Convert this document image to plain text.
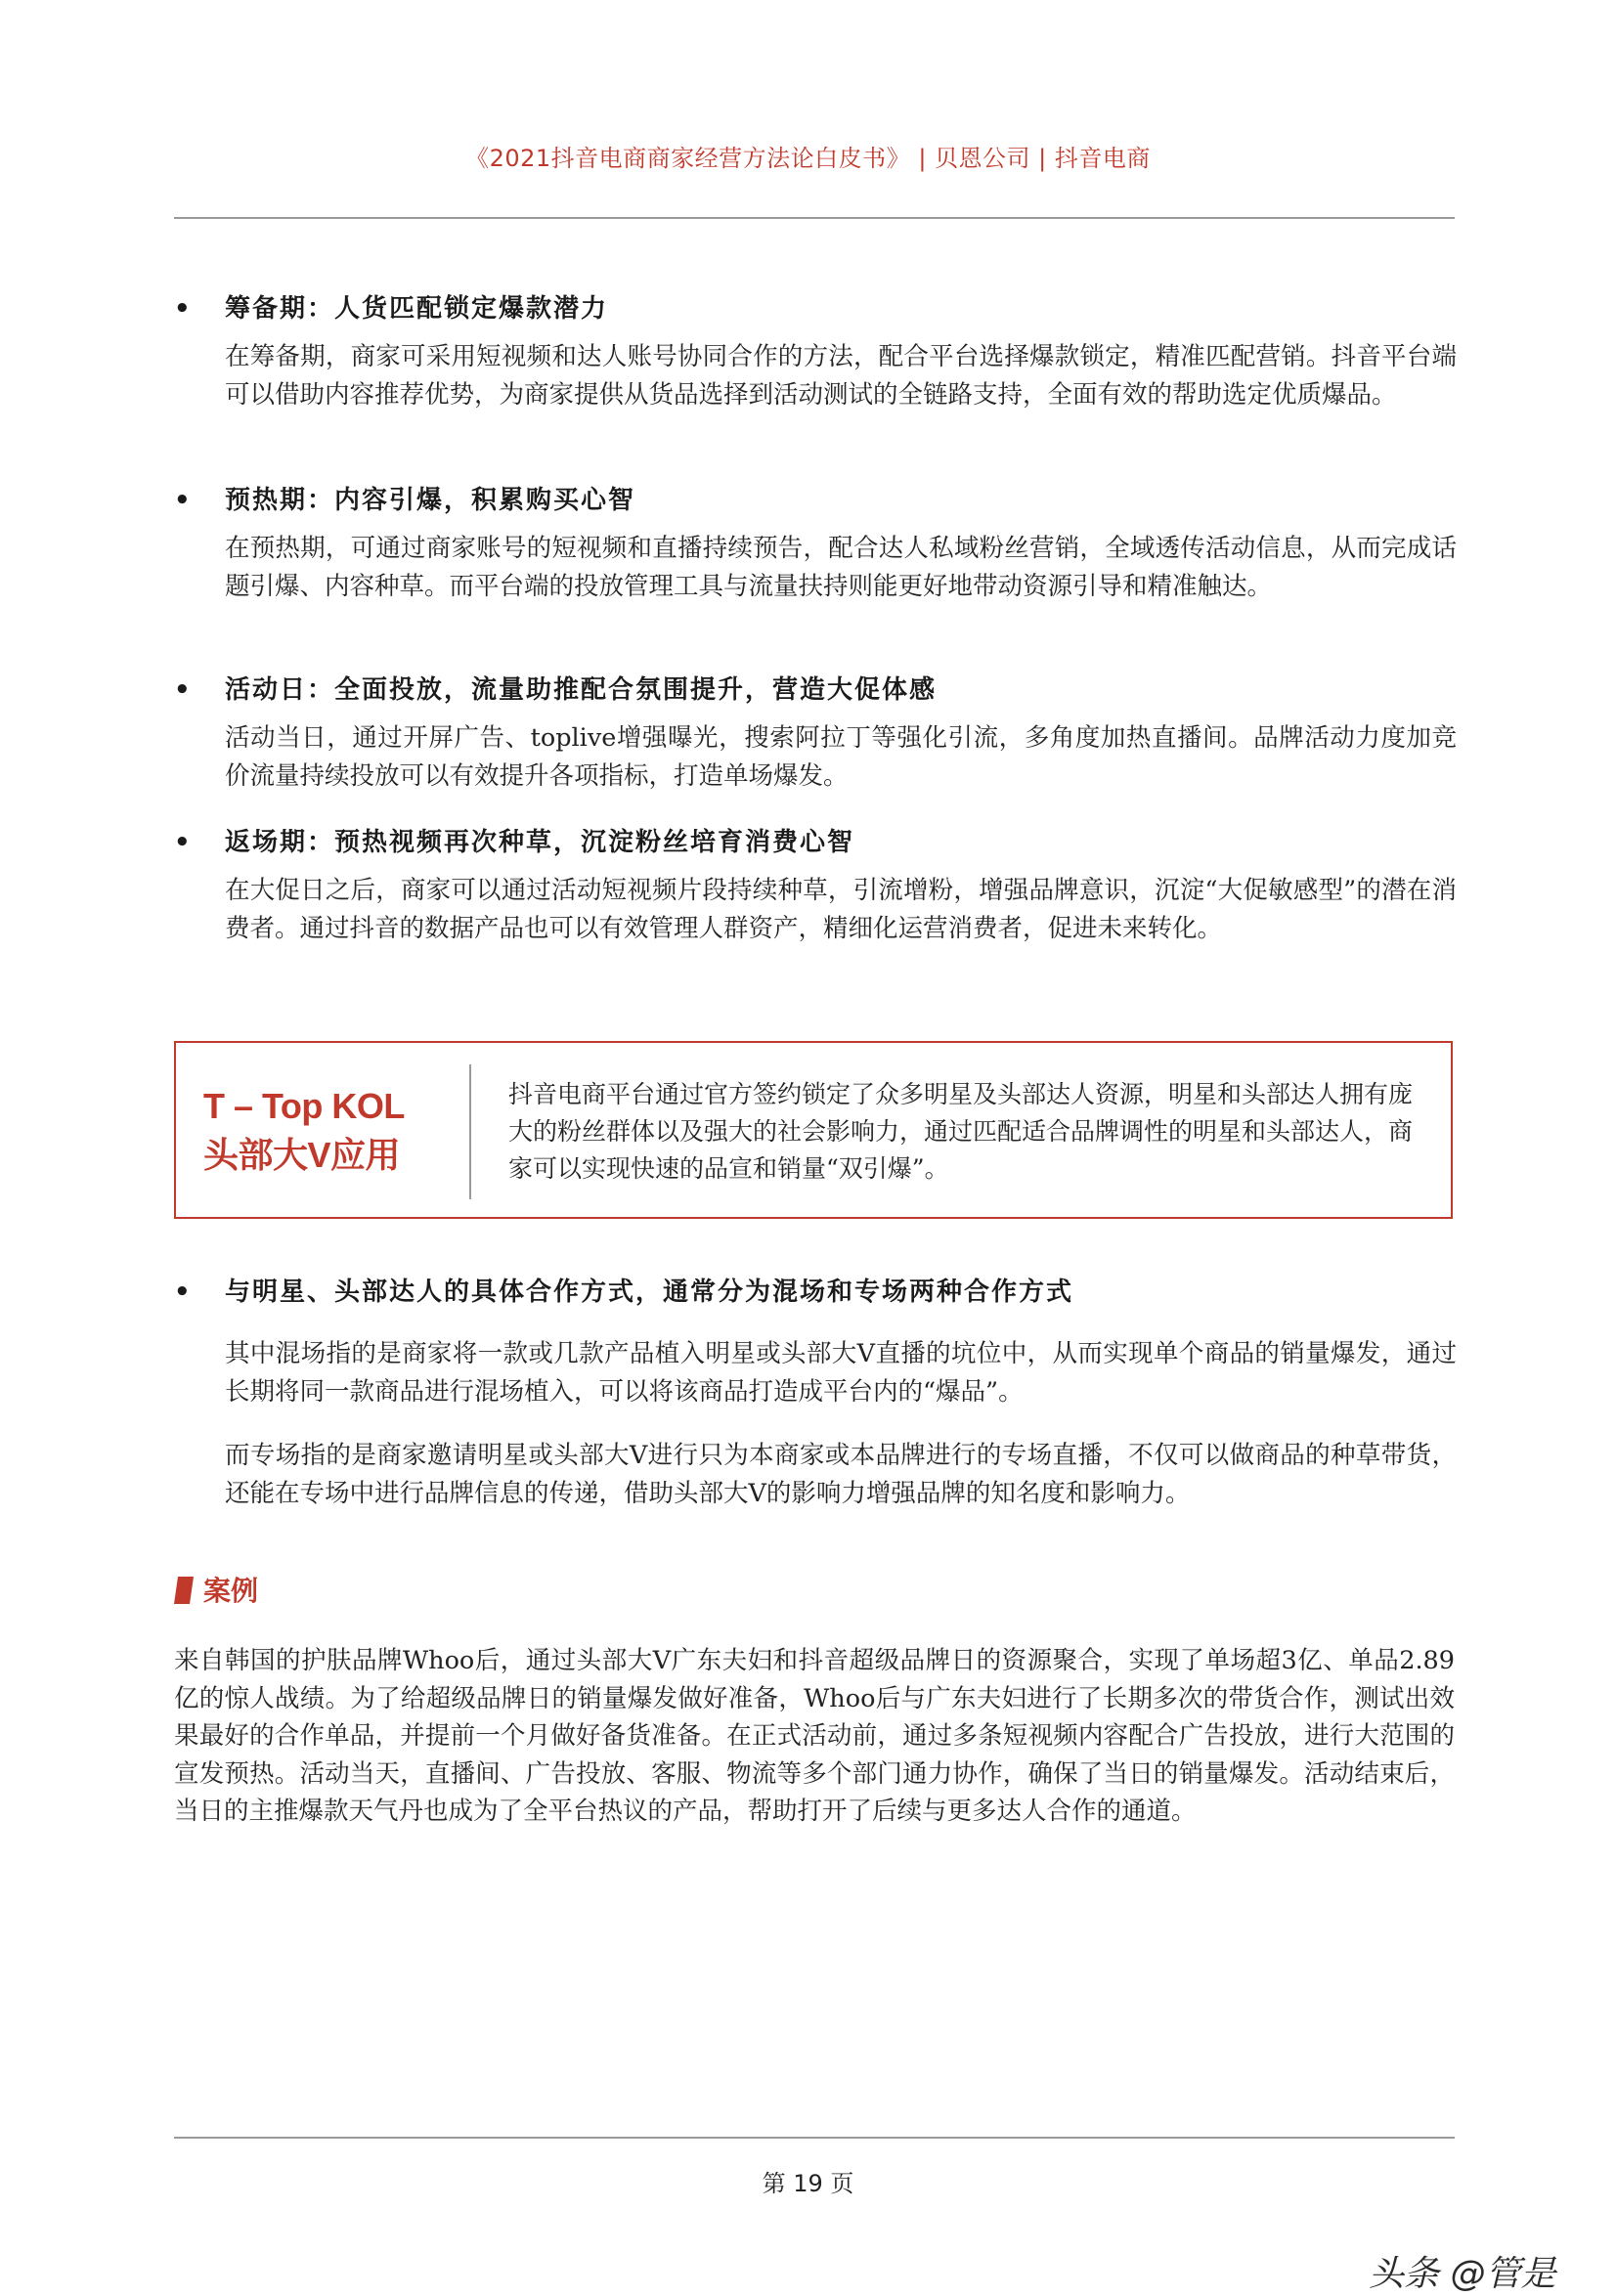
《2021抖音电商商家经营方法论白皮书》 | 贝恩公司 | 抖音电商
• 筹备期：人货匹配锁定爆款潜力
在筹备期，商家可采用短视频和达人账号协同合作的方法，配合平台选择爆款锁定，精准匹配营销。抖音平台端可以借助内容推荐优势，为商家提供从货品选择到活动测试的全链路支持，全面有效的帮助选定优质爆品。
• 预热期：内容引爆，积累购买心智
在预热期，可通过商家账号的短视频和直播持续预告，配合达人私域粉丝营销，全域透传活动信息，从而完成话题引爆、内容种草。而平台端的投放管理工具与流量扶持则能更好地带动资源引导和精准触达。
• 活动日：全面投放，流量助推配合氛围提升，营造大促体感
活动当日，通过开屏广告、toplive增强曝光，搜索阿拉丁等强化引流，多角度加热直播间。品牌活动力度加竞价流量持续投放可以有效提升各项指标，打造单场爆发。
• 返场期：预热视频再次种草，沉淀粉丝培育消费心智
在大促日之后，商家可以通过活动短视频片段持续种草，引流增粉，增强品牌意识，沉淀“大促敏感型”的潜在消费者。通过抖音的数据产品也可以有效管理人群资产，精细化运营消费者，促进未来转化。
T – Top KOL
头部大V应用
抖音电商平台通过官方签约锁定了众多明星及头部达人资源，明星和头部达人拥有庞大的粉丝群体以及强大的社会影响力，通过匹配适合品牌调性的明星和头部达人，商家可以实现快速的品宣和销量“双引爆”。
• 与明星、头部达人的具体合作方式，通常分为混场和专场两种合作方式
其中混场指的是商家将一款或几款产品植入明星或头部大V直播的坑位中，从而实现单个商品的销量爆发，通过长期将同一款商品进行混场植入，可以将该商品打造成平台内的“爆品”。
而专场指的是商家邀请明星或头部大V进行只为本商家或本品牌进行的专场直播，不仅可以做商品的种草带货，还能在专场中进行品牌信息的传递，借助头部大V的影响力增强品牌的知名度和影响力。
案例
来自韩国的护肤品牌Whoo后，通过头部大V广东夫妇和抖音超级品牌日的资源聚合，实现了单场超3亿、单品2.89亿的惊人战绩。为了给超级品牌日的销量爆发做好准备，Whoo后与广东夫妇进行了长期多次的带货合作，测试出效果最好的合作单品，并提前一个月做好备货准备。在正式活动前，通过多条短视频内容配合广告投放，进行大范围的宣发预热。活动当天，直播间、广告投放、客服、物流等多个部门通力协作，确保了当日的销量爆发。活动结束后，当日的主推爆款天气丹也成为了全平台热议的产品，帮助打开了后续与更多达人合作的通道。
第 19 页
头条 @管是
